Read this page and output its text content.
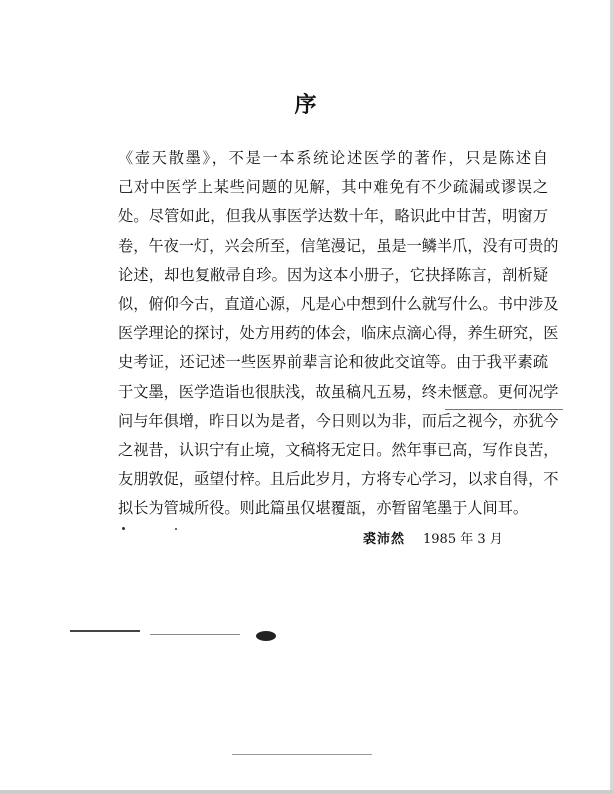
序
《壶天散墨》，不是一本系统论述医学的著作，只是陈述自
己对中医学上某些问题的见解，其中难免有不少疏漏或谬误之
处。尽管如此，但我从事医学达数十年，略识此中甘苦，明窗万
卷，午夜一灯，兴会所至，信笔漫记，虽是一鳞半爪，没有可贵的
论述，却也复敝帚自珍。因为这本小册子，它抉择陈言，剖析疑
似，俯仰今古，直道心源，凡是心中想到什么就写什么。书中涉及
医学理论的探讨，处方用药的体会，临床点滴心得，养生研究，医
史考证，还记述一些医界前辈言论和彼此交谊等。由于我平素疏
于文墨，医学造诣也很肤浅，故虽稿凡五易，终未惬意。更何况学
问与年俱增，昨日以为是者，今日则以为非，而后之视今，亦犹今
之视昔，认识宁有止境，文稿将无定日。然年事已高，写作良苦，
友朋敦促，亟望付梓。且后此岁月，方将专心学习，以求自得，不
拟长为管城所役。则此篇虽仅堪覆瓿，亦暂留笔墨于人间耳。
裘沛然 1985 年 3 月
